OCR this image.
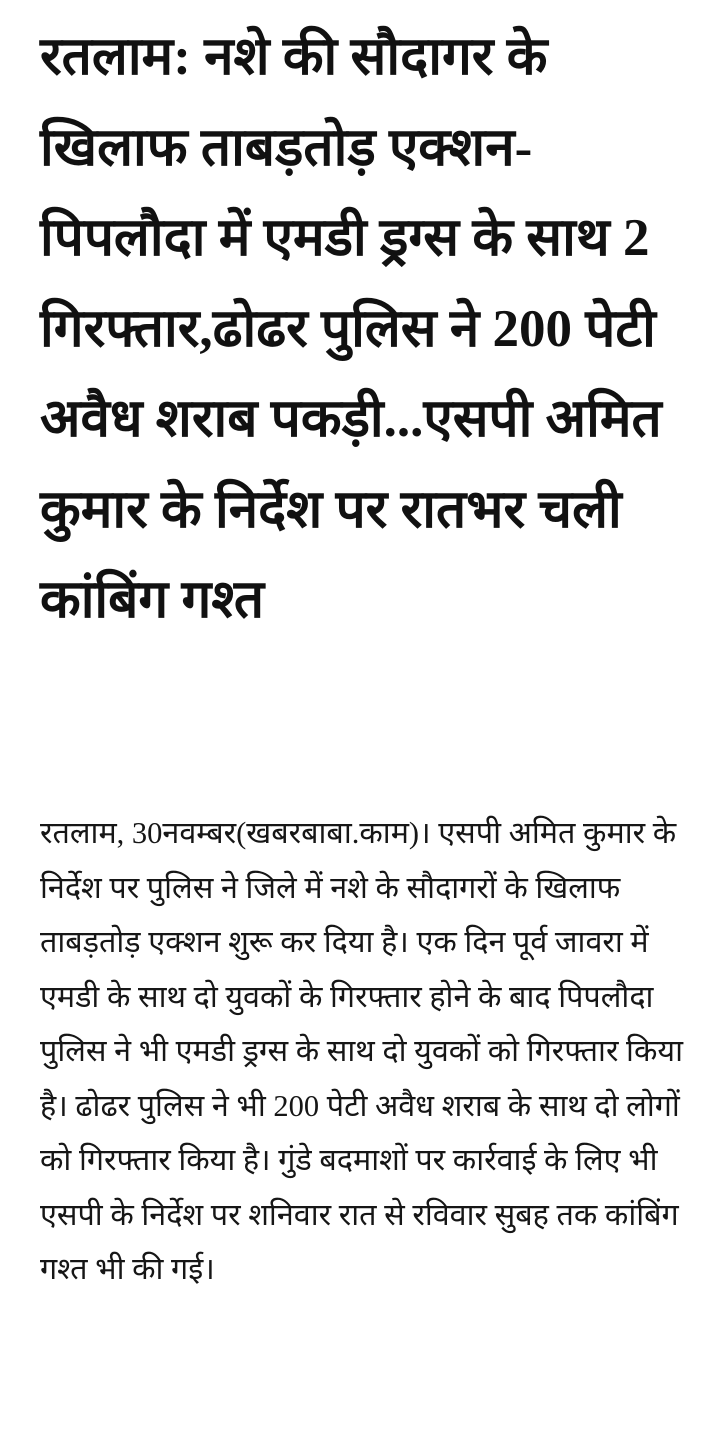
रतलाम: नशे की सौदागर के खिलाफ ताबड़तोड़ एक्शन-पिपलौदा में एमडी ड्रग्स के साथ 2 गिरफ्तार,ढोढर पुलिस ने 200 पेटी अवैध शराब पकड़ी...एसपी अमित कुमार के निर्देश पर रातभर चली कांबिंग गश्त

रतलाम, 30नवम्बर(खबरबाबा.काम)। एसपी अमित कुमार के निर्देश पर पुलिस ने जिले में नशे के सौदागरों के खिलाफ ताबड़तोड़ एक्शन शुरू कर दिया है। एक दिन पूर्व जावरा में एमडी के साथ दो युवकों के गिरफ्तार होने के बाद पिपलौदा पुलिस ने भी एमडी ड्रग्स के साथ दो युवकों को गिरफ्तार किया है। ढोढर पुलिस ने भी 200 पेटी अवैध शराब के साथ दो लोगों को गिरफ्तार किया है। गुंडे बदमाशों पर कार्रवाई के लिए भी एसपी के निर्देश पर शनिवार रात से रविवार सुबह तक कांबिंग गश्त भी की गई।
